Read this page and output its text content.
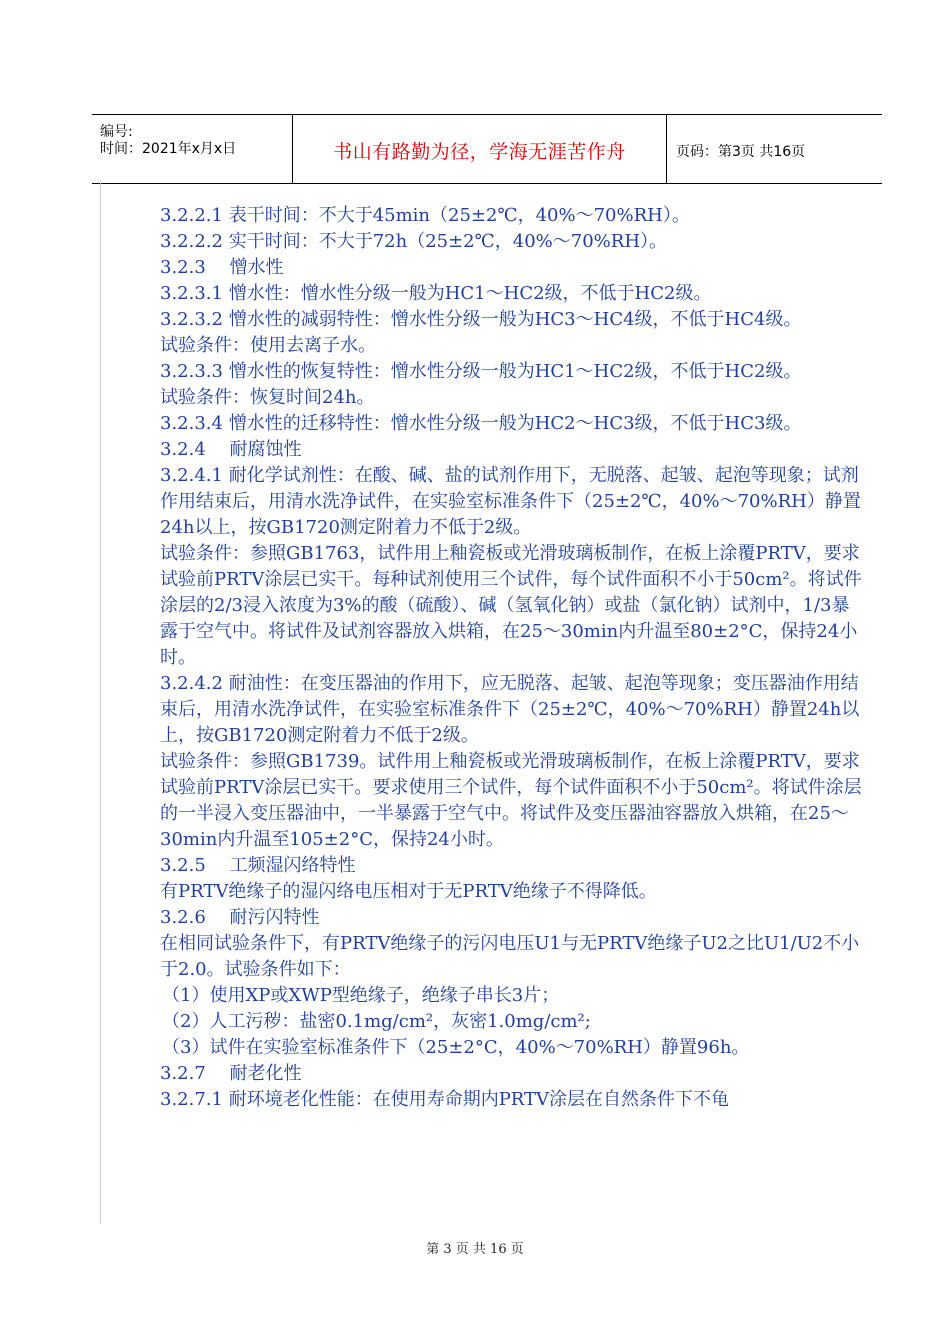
编号:
时间：2021年x月x日	书山有路勤为径，学海无涯苦作舟	页码：第3页 共16页

3.2.2.1 表干时间：不大于45min（25±2℃，40%～70%RH）。

3.2.2.2 实干时间：不大于72h（25±2℃，40%～70%RH）。

3.2.3　 憎水性

3.2.3.1 憎水性：憎水性分级一般为HC1～HC2级，不低于HC2级。

3.2.3.2 憎水性的减弱特性：憎水性分级一般为HC3～HC4级，不低于HC4级。

试验条件：使用去离子水。

3.2.3.3 憎水性的恢复特性：憎水性分级一般为HC1～HC2级，不低于HC2级。

试验条件：恢复时间24h。

3.2.3.4 憎水性的迁移特性：憎水性分级一般为HC2～HC3级，不低于HC3级。

3.2.4　 耐腐蚀性

3.2.4.1 耐化学试剂性：在酸、碱、盐的试剂作用下，无脱落、起皱、起泡等现象；试剂作用结束后，用清水洗净试件，在实验室标准条件下（25±2℃，40%～70%RH）静置24h以上，按GB1720测定附着力不低于2级。

试验条件：参照GB1763，试件用上釉瓷板或光滑玻璃板制作，在板上涂覆PRTV，要求试验前PRTV涂层已实干。每种试剂使用三个试件，每个试件面积不小于50cm²。将试件涂层的2/3浸入浓度为3%的酸（硫酸）、碱（氢氧化钠）或盐（氯化钠）试剂中，1/3暴露于空气中。将试件及试剂容器放入烘箱，在25～30min内升温至80±2°C，保持24小时。

3.2.4.2 耐油性：在变压器油的作用下，应无脱落、起皱、起泡等现象；变压器油作用结束后，用清水洗净试件，在实验室标准条件下（25±2℃，40%～70%RH）静置24h以上，按GB1720测定附着力不低于2级。

试验条件：参照GB1739。试件用上釉瓷板或光滑玻璃板制作，在板上涂覆PRTV，要求试验前PRTV涂层已实干。要求使用三个试件，每个试件面积不小于50cm²。将试件涂层的一半浸入变压器油中，一半暴露于空气中。将试件及变压器油容器放入烘箱，在25～30min内升温至105±2°C，保持24小时。

3.2.5　 工频湿闪络特性

有PRTV绝缘子的湿闪络电压相对于无PRTV绝缘子不得降低。

3.2.6　 耐污闪特性

在相同试验条件下，有PRTV绝缘子的污闪电压U1与无PRTV绝缘子U2之比U1/U2不小于2.0。试验条件如下：

（1）使用XP或XWP型绝缘子，绝缘子串长3片；

（2）人工污秽：盐密0.1mg/cm²，灰密1.0mg/cm²;

（3）试件在实验室标准条件下（25±2°C，40%～70%RH）静置96h。

3.2.7　 耐老化性

3.2.7.1 耐环境老化性能：在使用寿命期内PRTV涂层在自然条件下不龟

第 3 页 共 16 页
